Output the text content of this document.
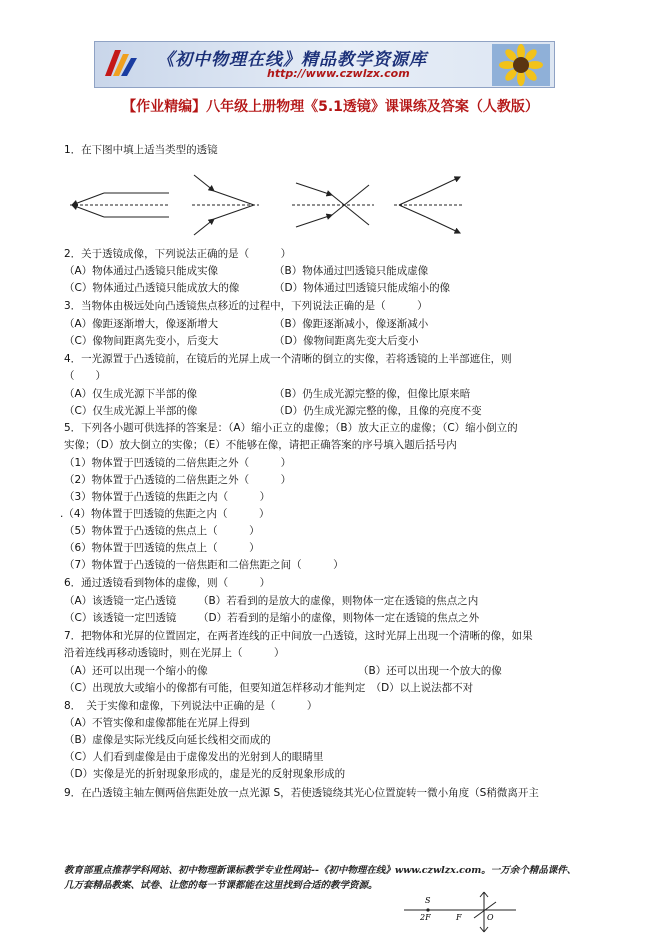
《初中物理在线》精品教学资源库
http://www.czwlzx.com
【作业精编】八年级上册物理《5.1透镜》课课练及答案（人教版）
1．在下图中填上适当类型的透镜
2．关于透镜成像，下列说法正确的是（　　　）
（A）物体通过凸透镜只能成实像	（B）物体通过凹透镜只能成虚像
（C）物体通过凸透镜只能成放大的像	（D）物体通过凹透镜只能成缩小的像
3．当物体由极远处向凸透镜焦点移近的过程中，下列说法正确的是（　　　）
（A）像距逐渐增大，像逐渐增大	（B）像距逐渐减小，像逐渐减小
（C）像物间距离先变小，后变大	（D）像物间距离先变大后变小
4．一光源置于凸透镜前，在镜后的光屏上成一个清晰的倒立的实像，若将透镜的上半部遮住，则
（　　）
（A）仅生成光源下半部的像	（B）仍生成光源完整的像，但像比原来暗
（C）仅生成光源上半部的像	（D）仍生成光源完整的像，且像的亮度不变
5．下列各小题可供选择的答案是：（A）缩小正立的虚像；（B）放大正立的虚像；（C）缩小倒立的
实像；（D）放大倒立的实像；（E）不能够在像，请把正确答案的序号填入题后括号内
（1）物体置于凹透镜的二倍焦距之外（　　　）
（2）物体置于凸透镜的二倍焦距之外（　　　）
（3）物体置于凸透镜的焦距之内（　　　）
.（4）物体置于凹透镜的焦距之内（　　　）
（5）物体置于凸透镜的焦点上（　　　）
（6）物体置于凹透镜的焦点上（　　　）
（7）物体置于凸透镜的一倍焦距和二倍焦距之间（　　　）
6．通过透镜看到物体的虚像，则（　　　）
（A）该透镜一定凸透镜 （B）若看到的是放大的虚像，则物体一定在透镜的焦点之内
（C）该透镜一定凹透镜 （D）若看到的是缩小的虚像，则物体一定在透镜的焦点之外
7．把物体和光屏的位置固定，在两者连线的正中间放一凸透镜，这时光屏上出现一个清晰的像，如果
沿着连线再移动透镜时，则在光屏上（　　　）
（A）还可以出现一个缩小的像	（B）还可以出现一个放大的像
（C）出现放大或缩小的像都有可能，但要知道怎样移动才能判定　（D）以上说法都不对
8．　关于实像和虚像，下列说法中正确的是（　　　）
（A）不管实像和虚像都能在光屏上得到
（B）虚像是实际光线反向延长线相交而成的
（C）人们看到虚像是由于虚像发出的光射到人的眼睛里
（D）实像是光的折射现象形成的，虚是光的反射现象形成的
9．在凸透镜主轴左侧两倍焦距处放一点光源 S，若使透镜绕其光心位置旋转一微小角度（S稍微离开主
教育部重点推荐学科网站、初中物理新课标教学专业性网站--《初中物理在线》www.czwlzx.com。一万余个精品课件、
几万套精品教案、试卷、让您的每一节课都能在这里找到合适的教学资源。
S
2F	F	O
